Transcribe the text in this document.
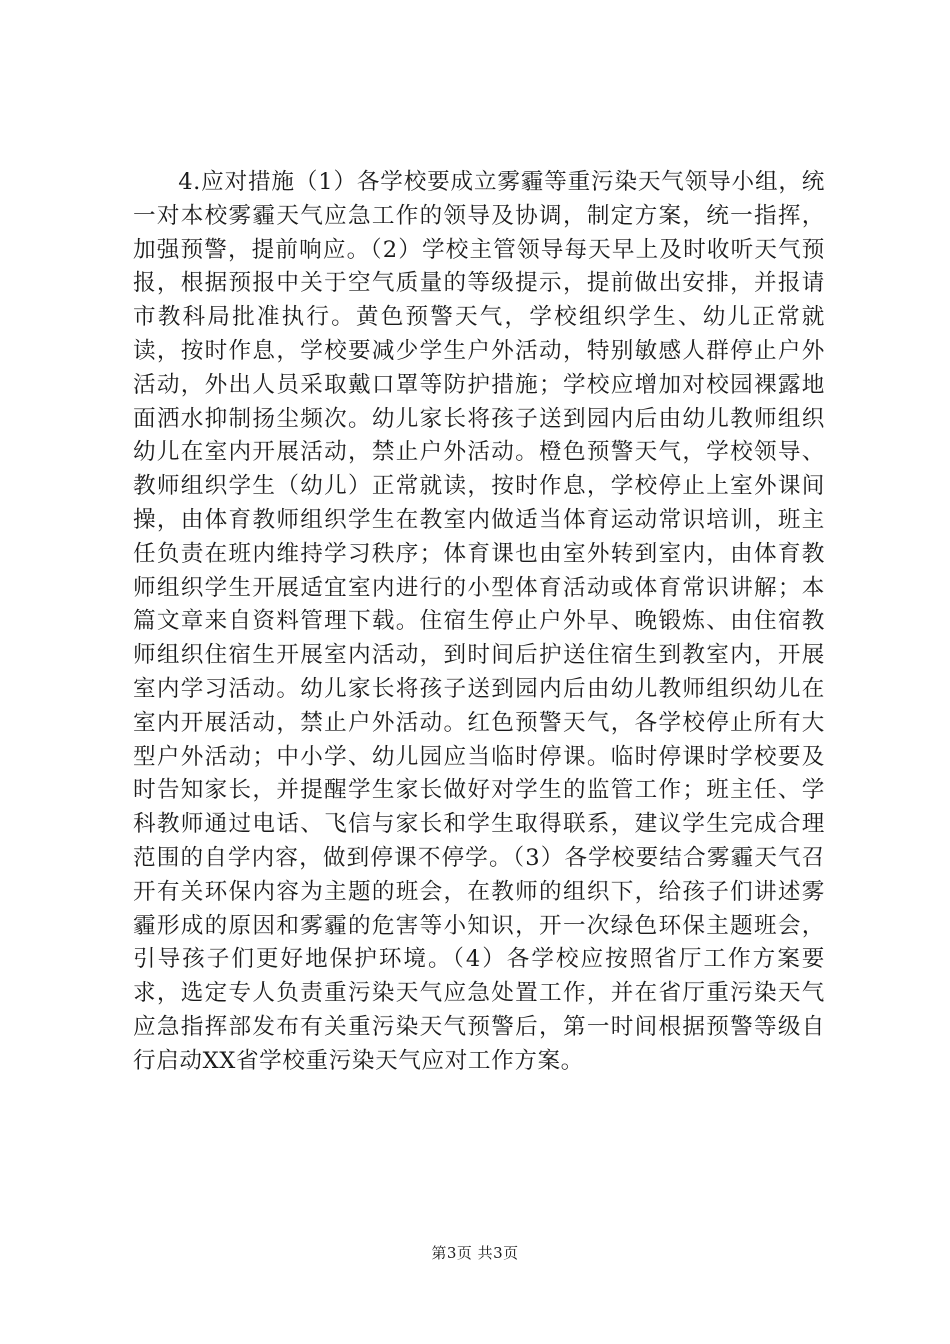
4.应对措施（1）各学校要成立雾霾等重污染天气领导小组，统一对本校雾霾天气应急工作的领导及协调，制定方案，统一指挥，加强预警，提前响应。（2）学校主管领导每天早上及时收听天气预报，根据预报中关于空气质量的等级提示，提前做出安排，并报请市教科局批准执行。黄色预警天气，学校组织学生、幼儿正常就读，按时作息，学校要减少学生户外活动，特别敏感人群停止户外活动，外出人员采取戴口罩等防护措施；学校应增加对校园裸露地面洒水抑制扬尘频次。幼儿家长将孩子送到园内后由幼儿教师组织幼儿在室内开展活动，禁止户外活动。橙色预警天气，学校领导、教师组织学生（幼儿）正常就读，按时作息，学校停止上室外课间操，由体育教师组织学生在教室内做适当体育运动常识培训，班主任负责在班内维持学习秩序；体育课也由室外转到室内，由体育教师组织学生开展适宜室内进行的小型体育活动或体育常识讲解；本篇文章来自资料管理下载。住宿生停止户外早、晚锻炼、由住宿教师组织住宿生开展室内活动，到时间后护送住宿生到教室内，开展室内学习活动。幼儿家长将孩子送到园内后由幼儿教师组织幼儿在室内开展活动，禁止户外活动。红色预警天气，各学校停止所有大型户外活动；中小学、幼儿园应当临时停课。临时停课时学校要及时告知家长，并提醒学生家长做好对学生的监管工作；班主任、学科教师通过电话、飞信与家长和学生取得联系，建议学生完成合理范围的自学内容，做到停课不停学。（3）各学校要结合雾霾天气召开有关环保内容为主题的班会，在教师的组织下，给孩子们讲述雾霾形成的原因和雾霾的危害等小知识，开一次绿色环保主题班会，引导孩子们更好地保护环境。（4）各学校应按照省厅工作方案要求，选定专人负责重污染天气应急处置工作，并在省厅重污染天气应急指挥部发布有关重污染天气预警后，第一时间根据预警等级自行启动XX省学校重污染天气应对工作方案。

第3页 共3页
